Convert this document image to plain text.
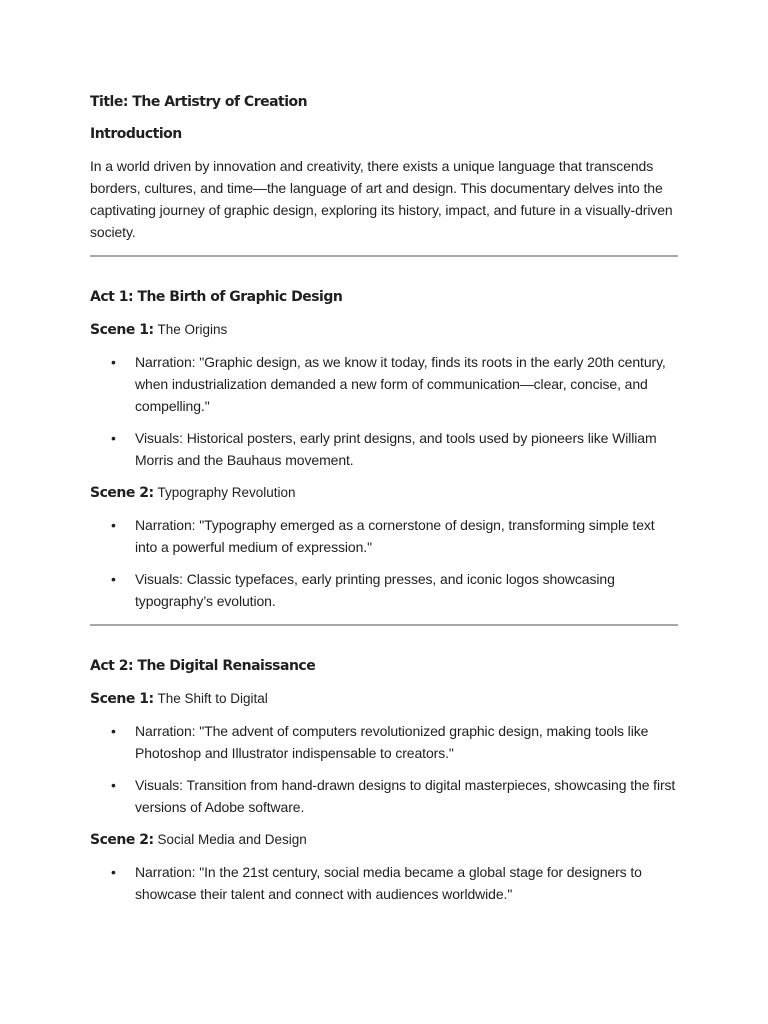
Title: The Artistry of Creation

Introduction

In a world driven by innovation and creativity, there exists a unique language that transcends borders, cultures, and time—the language of art and design. This documentary delves into the captivating journey of graphic design, exploring its history, impact, and future in a visually-driven society.

Act 1: The Birth of Graphic Design

Scene 1: The Origins

• Narration: "Graphic design, as we know it today, finds its roots in the early 20th century, when industrialization demanded a new form of communication—clear, concise, and compelling."
• Visuals: Historical posters, early print designs, and tools used by pioneers like William Morris and the Bauhaus movement.

Scene 2: Typography Revolution

• Narration: "Typography emerged as a cornerstone of design, transforming simple text into a powerful medium of expression."
• Visuals: Classic typefaces, early printing presses, and iconic logos showcasing typography’s evolution.

Act 2: The Digital Renaissance

Scene 1: The Shift to Digital

• Narration: "The advent of computers revolutionized graphic design, making tools like Photoshop and Illustrator indispensable to creators."
• Visuals: Transition from hand-drawn designs to digital masterpieces, showcasing the first versions of Adobe software.

Scene 2: Social Media and Design

• Narration: "In the 21st century, social media became a global stage for designers to showcase their talent and connect with audiences worldwide."
